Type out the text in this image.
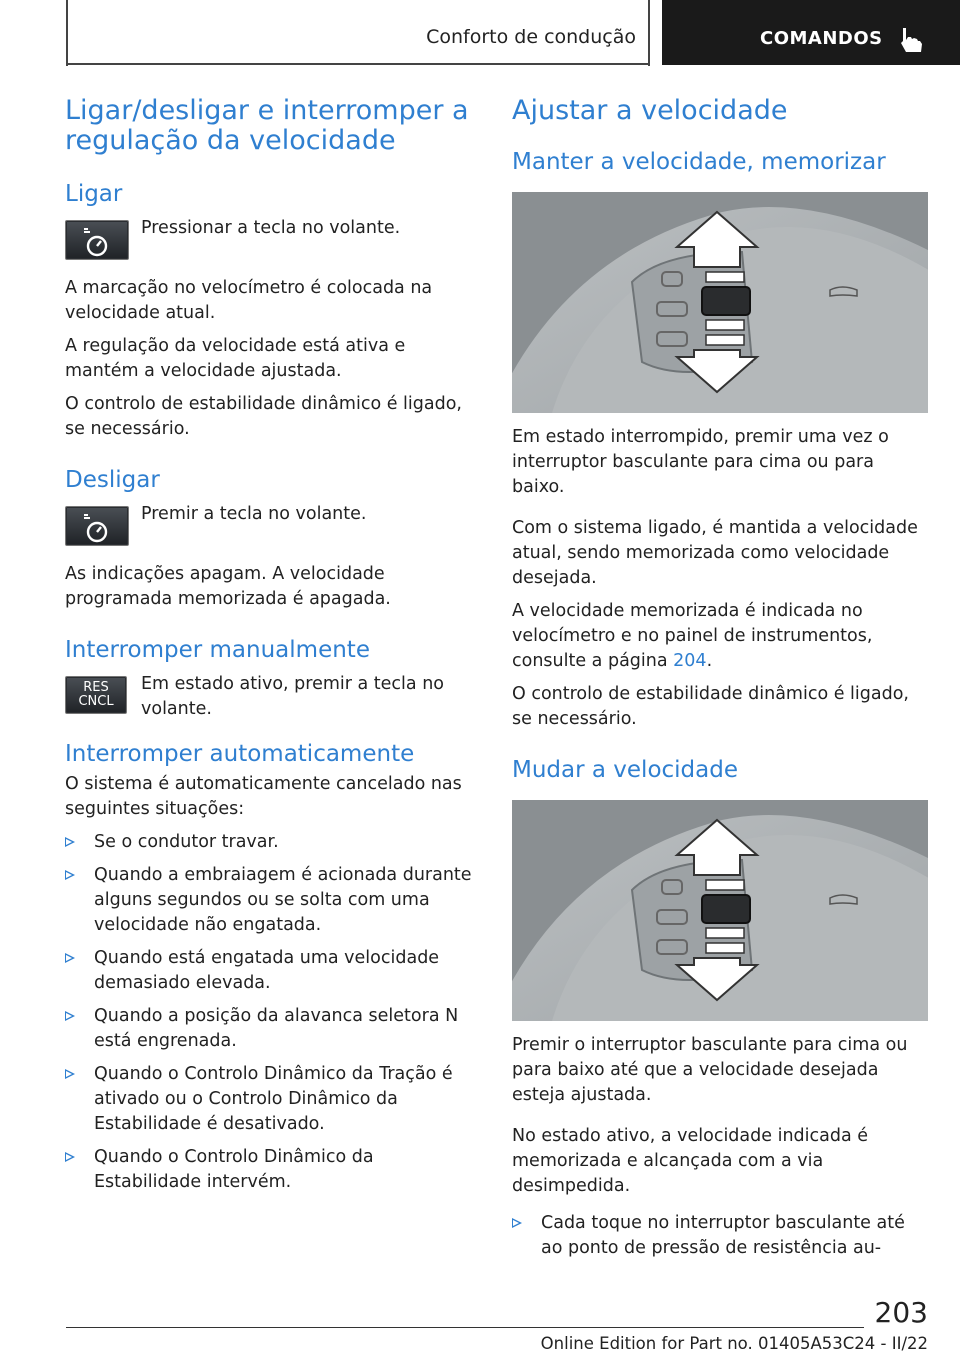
Conforto de condução	COMANDOS
Ligar/desligar e interromper a regulação da velocidade
Ligar

Pressionar a tecla no volante.

A marcação no velocímetro é colocada na velocidade atual.

A regulação da velocidade está ativa e mantém a velocidade ajustada.

O controlo de estabilidade dinâmico é ligado, se necessário.

Desligar

Premir a tecla no volante.

As indicações apagam. A velocidade programada memorizada é apagada.

Interromper manualmente
RES
CNCL

Em estado ativo, premir a tecla no volante.

Interromper automaticamente

O sistema é automaticamente cancelado nas seguintes situações:

Se o condutor travar.
Quando a embraiagem é acionada durante alguns segundos ou se solta com uma velocidade não engatada.
Quando está engatada uma velocidade demasiado elevada.
Quando a posição da alavanca seletora N está engrenada.
Quando o Controlo Dinâmico da Tração é ativado ou o Controlo Dinâmico da Estabilidade é desativado.
Quando o Controlo Dinâmico da Estabilidade intervém.
Ajustar a velocidade
Manter a velocidade, memorizar

Em estado interrompido, premir uma vez o interruptor basculante para cima ou para baixo.

Com o sistema ligado, é mantida a velocidade atual, sendo memorizada como velocidade desejada.

A velocidade memorizada é indicada no velocímetro e no painel de instrumentos, consulte a página 204.

O controlo de estabilidade dinâmico é ligado, se necessário.

Mudar a velocidade

Premir o interruptor basculante para cima ou para baixo até que a velocidade desejada esteja ajustada.

No estado ativo, a velocidade indicada é memorizada e alcançada com a via desimpedida.

Cada toque no interruptor basculante até ao ponto de pressão de resistência au-
203
Online Edition for Part no. 01405A53C24 - II/22
